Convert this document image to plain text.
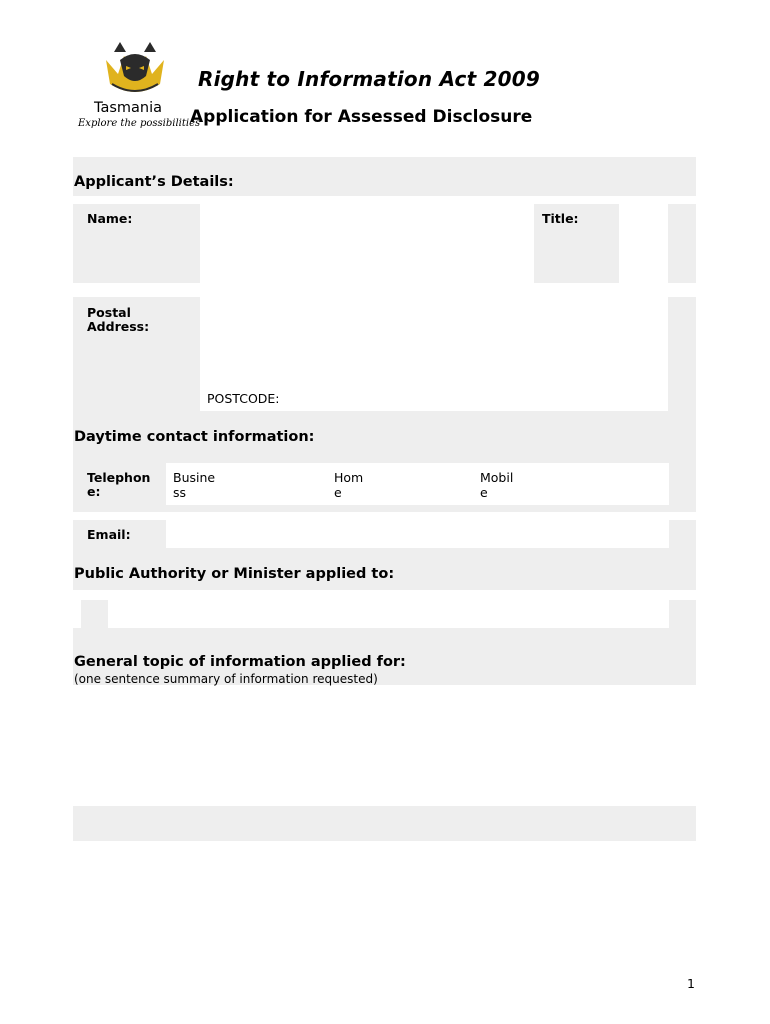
Tasmania
Explore the possibilities
Right to Information Act 2009
Application for Assessed Disclosure
Applicant’s Details:
Name:	Title:
Postal
Address:
POSTCODE:
Daytime contact information:
Telephon
e:
Busine
ss
Hom
e
Mobil
e
Email:
Public Authority or Minister applied to:
General topic of information applied for:
(one sentence summary of information requested)
1
